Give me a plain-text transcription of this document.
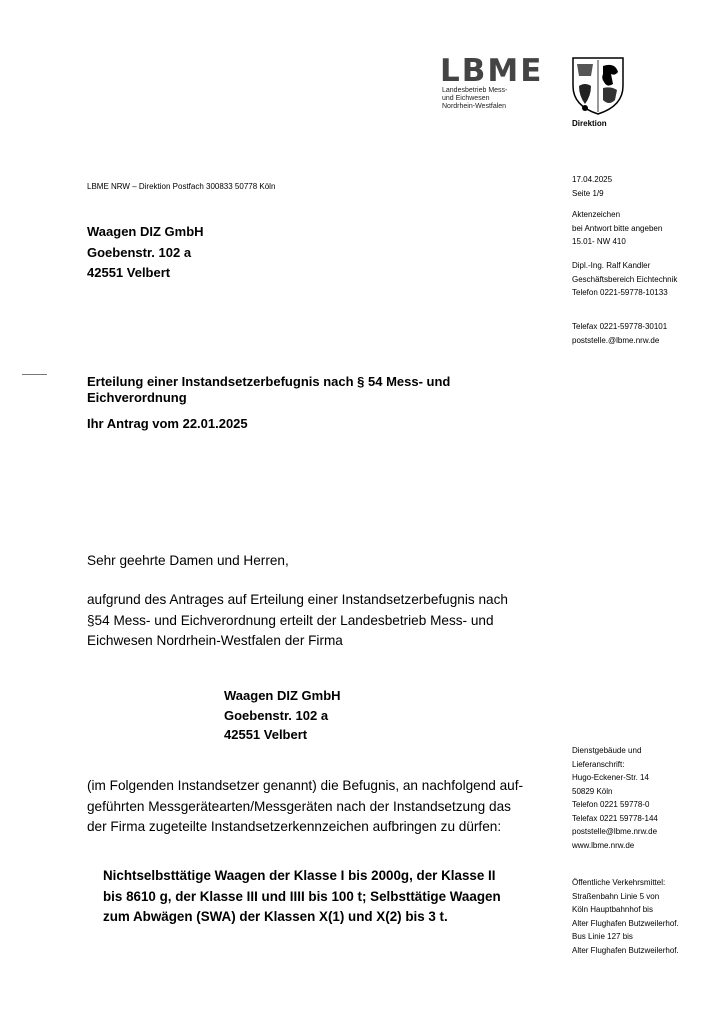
LBME
Landesbetrieb Mess-
und Eichwesen
Nordrhein-Westfalen
Direktion
LBME NRW – Direktion Postfach 300833 50778 Köln
Waagen DIZ GmbH
Goebenstr. 102 a
42551 Velbert
17.04.2025
Seite 1/9
Aktenzeichen
bei Antwort bitte angeben
15.01- NW 410
Dipl.-Ing. Ralf Kandler
Geschäftsbereich Eichtechnik
Telefon 0221-59778-10133
Telefax 0221-59778-30101
poststelle.@lbme.nrw.de
Erteilung einer Instandsetzerbefugnis nach § 54 Mess- und Eichverordnung
Ihr Antrag vom 22.01.2025
Sehr geehrte Damen und Herren,
aufgrund des Antrages auf Erteilung einer Instandsetzerbefugnis nach
§54 Mess- und Eichverordnung erteilt der Landesbetrieb Mess- und
Eichwesen Nordrhein-Westfalen der Firma
Waagen DIZ GmbH
Goebenstr. 102 a
42551 Velbert
(im Folgenden Instandsetzer genannt) die Befugnis, an nachfolgend auf-
geführten Messgerätearten/Messgeräten nach der Instandsetzung das
der Firma zugeteilte Instandsetzerkennzeichen aufbringen zu dürfen:
Nichtselbsttätige Waagen der Klasse I bis 2000g, der Klasse II
bis 8610 g, der Klasse III und IIII bis 100 t; Selbsttätige Waagen
zum Abwägen (SWA) der Klassen X(1) und X(2) bis 3 t.
Dienstgebäude und
Lieferanschrift:
Hugo-Eckener-Str. 14
50829 Köln
Telefon 0221 59778-0
Telefax 0221 59778-144
poststelle@lbme.nrw.de
www.lbme.nrw.de
Öffentliche Verkehrsmittel:
Straßenbahn Linie 5 von
Köln Hauptbahnhof bis
Alter Flughafen Butzweilerhof.
Bus Linie 127 bis
Alter Flughafen Butzweilerhof.
